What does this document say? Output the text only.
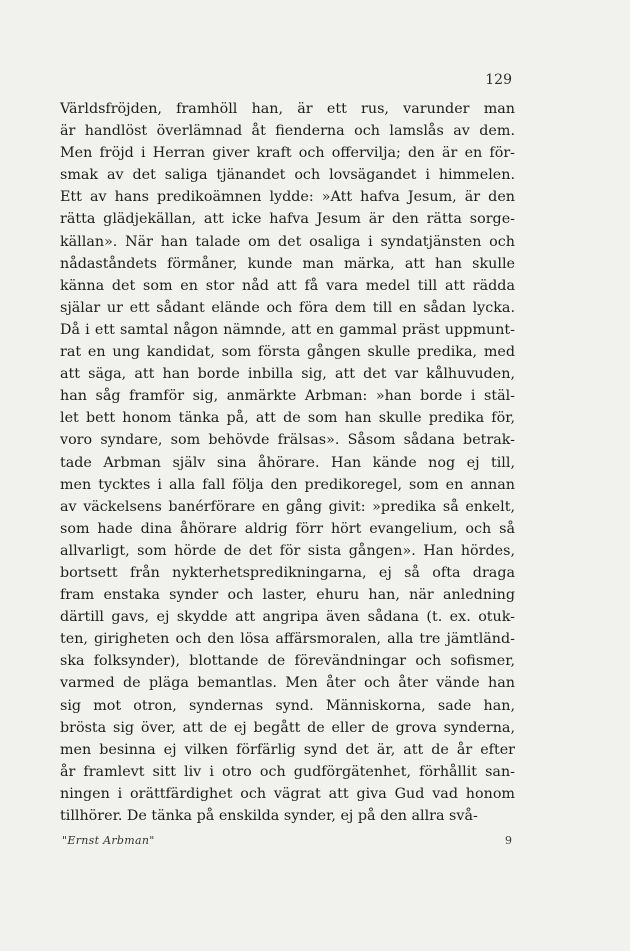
129
Världsfröjden, framhöll han, är ett rus, varunder man
är handlöst överlämnad åt fienderna och lamslås av dem.
Men fröjd i Herran giver kraft och offervilja; den är en för-
smak av det saliga tjänandet och lovsägandet i himmelen.
Ett av hans predikoämnen lydde: »Att hafva Jesum, är den
rätta glädjekällan, att icke hafva Jesum är den rätta sorge-
källan». När han talade om det osaliga i syndatjänsten och
nådaståndets förmåner, kunde man märka, att han skulle
känna det som en stor nåd att få vara medel till att rädda
själar ur ett sådant elände och föra dem till en sådan lycka.
Då i ett samtal någon nämnde, att en gammal präst uppmunt-
rat en ung kandidat, som första gången skulle predika, med
att säga, att han borde inbilla sig, att det var kålhuvuden,
han såg framför sig, anmärkte Arbman: »han borde i stäl-
let bett honom tänka på, att de som han skulle predika för,
voro syndare, som behövde frälsas». Såsom sådana betrak-
tade Arbman själv sina åhörare. Han kände nog ej till,
men tycktes i alla fall följa den predikoregel, som en annan
av väckelsens banérförare en gång givit: »predika så enkelt,
som hade dina åhörare aldrig förr hört evangelium, och så
allvarligt, som hörde de det för sista gången». Han hördes,
bortsett från nykterhetspredikningarna, ej så ofta draga
fram enstaka synder och laster, ehuru han, när anledning
därtill gavs, ej skydde att angripa även sådana (t. ex. otuk-
ten, girigheten och den lösa affärsmoralen, alla tre jämtländ-
ska folksynder), blottande de förevändningar och sofismer,
varmed de pläga bemantlas. Men åter och åter vände han
sig mot otron, syndernas synd. Människorna, sade han,
brösta sig över, att de ej begått de eller de grova synderna,
men besinna ej vilken förfärlig synd det är, att de år efter
år framlevt sitt liv i otro och gudförgätenhet, förhållit san-
ningen i orättfärdighet och vägrat att giva Gud vad honom
tillhörer. De tänka på enskilda synder, ej på den allra svå-
"Ernst Arbman"	9
